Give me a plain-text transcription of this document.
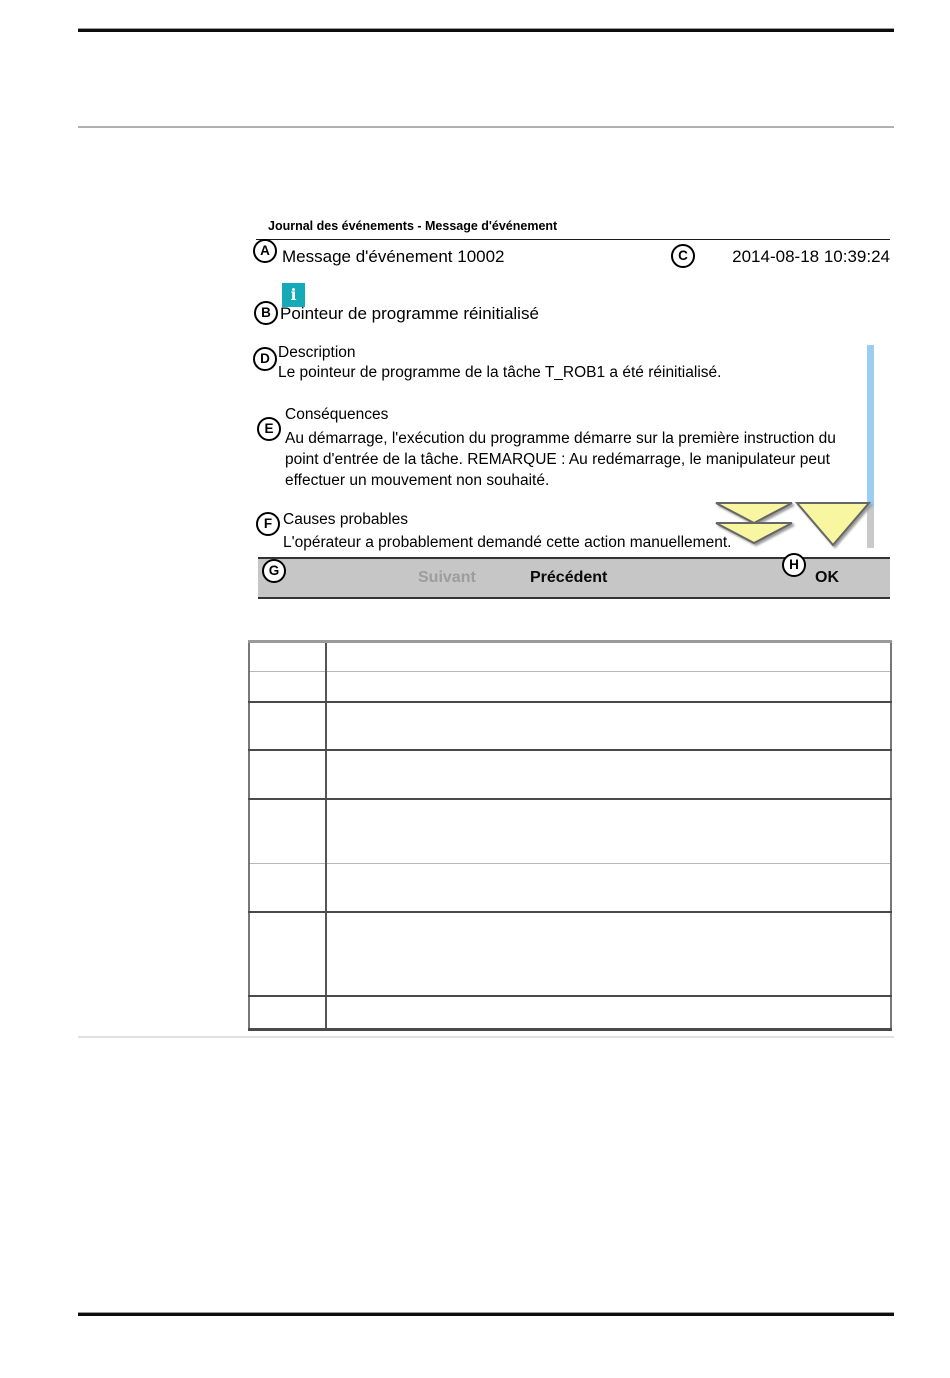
Journal des événements - Message d'événement
Message d'événement 10002	2014-08-18 10:39:24
i
Pointeur de programme réinitialisé
Description
Le pointeur de programme de la tâche T_ROB1 a été réinitialisé.
Conséquences
Au démarrage, l'exécution du programme démarre sur la première instruction du point d'entrée de la tâche. REMARQUE : Au redémarrage, le manipulateur peut effectuer un mouvement non souhaité.
Causes probables
L'opérateur a probablement demandé cette action manuellement.
Suivant	Précédent	OK
A
B
C
D
E
F
G	H
